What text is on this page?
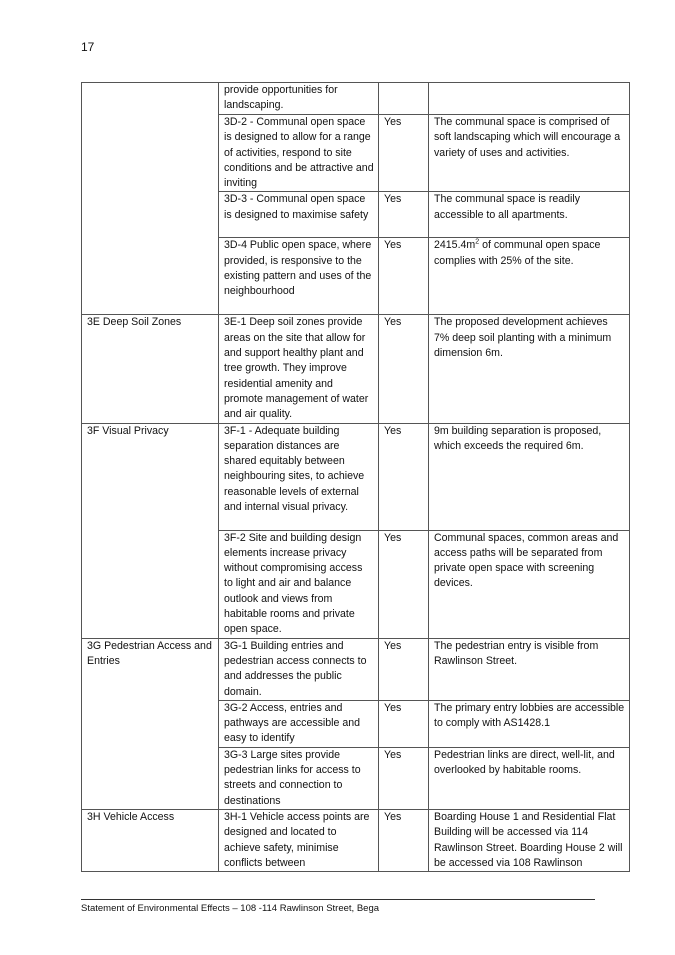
17
	provide opportunities for landscaping.		
	3D-2 - Communal open space is designed to allow for a range of activities, respond to site conditions and be attractive and inviting	Yes	The communal space is comprised of soft landscaping which will encourage a variety of uses and activities.
	3D-3 - Communal open space is designed to maximise safety	Yes	The communal space is readily accessible to all apartments.
	3D-4 Public open space, where provided, is responsive to the existing pattern and uses of the neighbourhood	Yes	$2415.4m^2$ of communal open space complies with 25% of the site.
3E Deep Soil Zones	3E-1 Deep soil zones provide areas on the site that allow for and support healthy plant and tree growth. They improve residential amenity and promote management of water and air quality.	Yes	The proposed development achieves 7% deep soil planting with a minimum dimension 6m.
3F Visual Privacy	3F-1 - Adequate building separation distances are shared equitably between neighbouring sites, to achieve reasonable levels of external and internal visual privacy.	Yes	9m building separation is proposed, which exceeds the required 6m.
	3F-2 Site and building design elements increase privacy without compromising access to light and air and balance outlook and views from habitable rooms and private open space.	Yes	Communal spaces, common areas and access paths will be separated from private open space with screening devices.
3G Pedestrian Access and Entries	3G-1 Building entries and pedestrian access connects to and addresses the public domain.	Yes	The pedestrian entry is visible from Rawlinson Street.
	3G-2 Access, entries and pathways are accessible and easy to identify	Yes	The primary entry lobbies are accessible to comply with AS1428.1
	3G-3 Large sites provide pedestrian links for access to streets and connection to destinations	Yes	Pedestrian links are direct, well-lit, and overlooked by habitable rooms.
3H Vehicle Access	3H-1 Vehicle access points are designed and located to achieve safety, minimise conflicts between	Yes	Boarding House 1 and Residential Flat Building will be accessed via 114 Rawlinson Street. Boarding House 2 will be accessed via 108 Rawlinson
Statement of Environmental Effects – 108 -114 Rawlinson Street, Bega
